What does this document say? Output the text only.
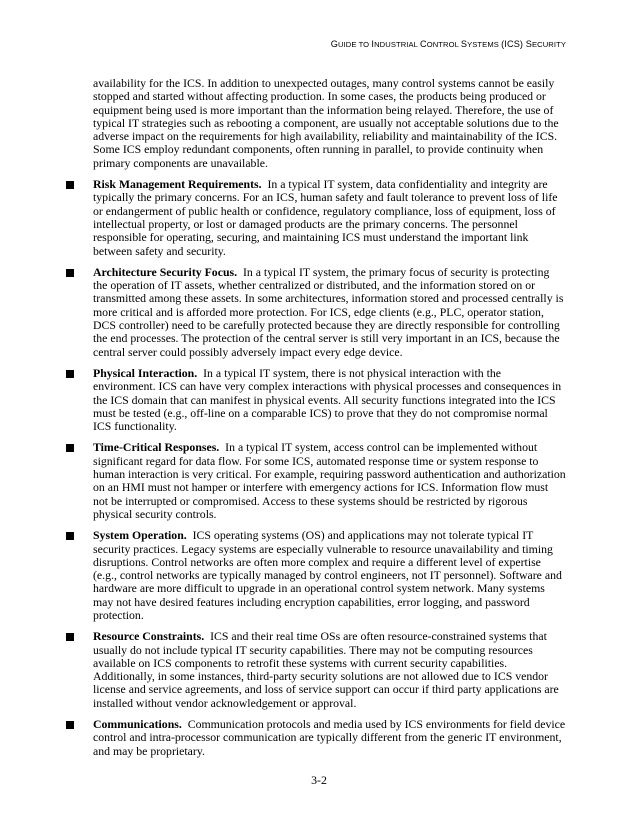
GUIDE TO INDUSTRIAL CONTROL SYSTEMS (ICS) SECURITY

availability for the ICS. In addition to unexpected outages, many control systems cannot be easily stopped and started without affecting production. In some cases, the products being produced or equipment being used is more important than the information being relayed. Therefore, the use of typical IT strategies such as rebooting a component, are usually not acceptable solutions due to the adverse impact on the requirements for high availability, reliability and maintainability of the ICS. Some ICS employ redundant components, often running in parallel, to provide continuity when primary components are unavailable.

Risk Management Requirements. In a typical IT system, data confidentiality and integrity are typically the primary concerns. For an ICS, human safety and fault tolerance to prevent loss of life or endangerment of public health or confidence, regulatory compliance, loss of equipment, loss of intellectual property, or lost or damaged products are the primary concerns. The personnel responsible for operating, securing, and maintaining ICS must understand the important link between safety and security.

Architecture Security Focus. In a typical IT system, the primary focus of security is protecting the operation of IT assets, whether centralized or distributed, and the information stored on or transmitted among these assets. In some architectures, information stored and processed centrally is more critical and is afforded more protection. For ICS, edge clients (e.g., PLC, operator station, DCS controller) need to be carefully protected because they are directly responsible for controlling the end processes. The protection of the central server is still very important in an ICS, because the central server could possibly adversely impact every edge device.

Physical Interaction. In a typical IT system, there is not physical interaction with the environment. ICS can have very complex interactions with physical processes and consequences in the ICS domain that can manifest in physical events. All security functions integrated into the ICS must be tested (e.g., off-line on a comparable ICS) to prove that they do not compromise normal ICS functionality.

Time-Critical Responses. In a typical IT system, access control can be implemented without significant regard for data flow. For some ICS, automated response time or system response to human interaction is very critical. For example, requiring password authentication and authorization on an HMI must not hamper or interfere with emergency actions for ICS. Information flow must not be interrupted or compromised. Access to these systems should be restricted by rigorous physical security controls.

System Operation. ICS operating systems (OS) and applications may not tolerate typical IT security practices. Legacy systems are especially vulnerable to resource unavailability and timing disruptions. Control networks are often more complex and require a different level of expertise (e.g., control networks are typically managed by control engineers, not IT personnel). Software and hardware are more difficult to upgrade in an operational control system network. Many systems may not have desired features including encryption capabilities, error logging, and password protection.

Resource Constraints. ICS and their real time OSs are often resource-constrained systems that usually do not include typical IT security capabilities. There may not be computing resources available on ICS components to retrofit these systems with current security capabilities. Additionally, in some instances, third-party security solutions are not allowed due to ICS vendor license and service agreements, and loss of service support can occur if third party applications are installed without vendor acknowledgement or approval.

Communications. Communication protocols and media used by ICS environments for field device control and intra-processor communication are typically different from the generic IT environment, and may be proprietary.

3-2
